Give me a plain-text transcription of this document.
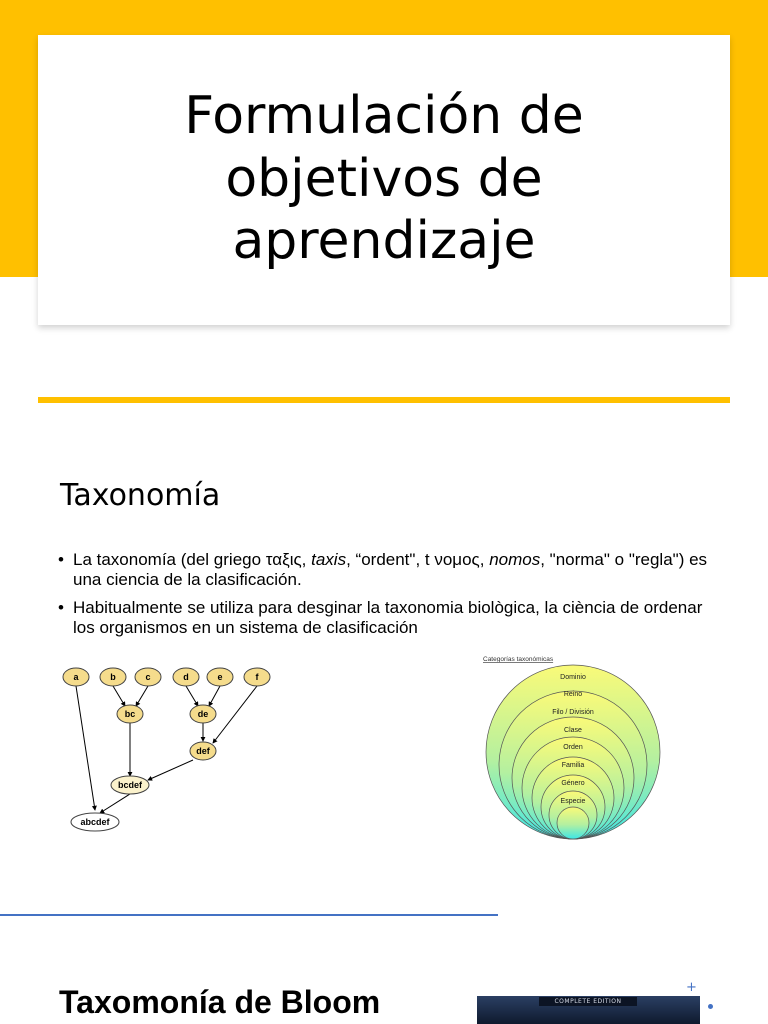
Formulación de objetivos de aprendizaje
Taxonomía
• La taxonomía (del griego ταξις, taxis, “ordent", t νομος, nomos, "norma" o "regla") es una ciencia de la clasificación.
• Habitualmente se utiliza para desginar la taxonomia biològica, la ciència de ordenar los organismos en un sistema de clasificación
a	b	c	d	e	f
bc	de
def
bcdef
abcdef
Categorías taxonómicas
Dominio
Reino
Filo / División
Clase
Orden
Familia
Género
Especie
Taxomonía de Bloom	COMPLETE EDITION
+
